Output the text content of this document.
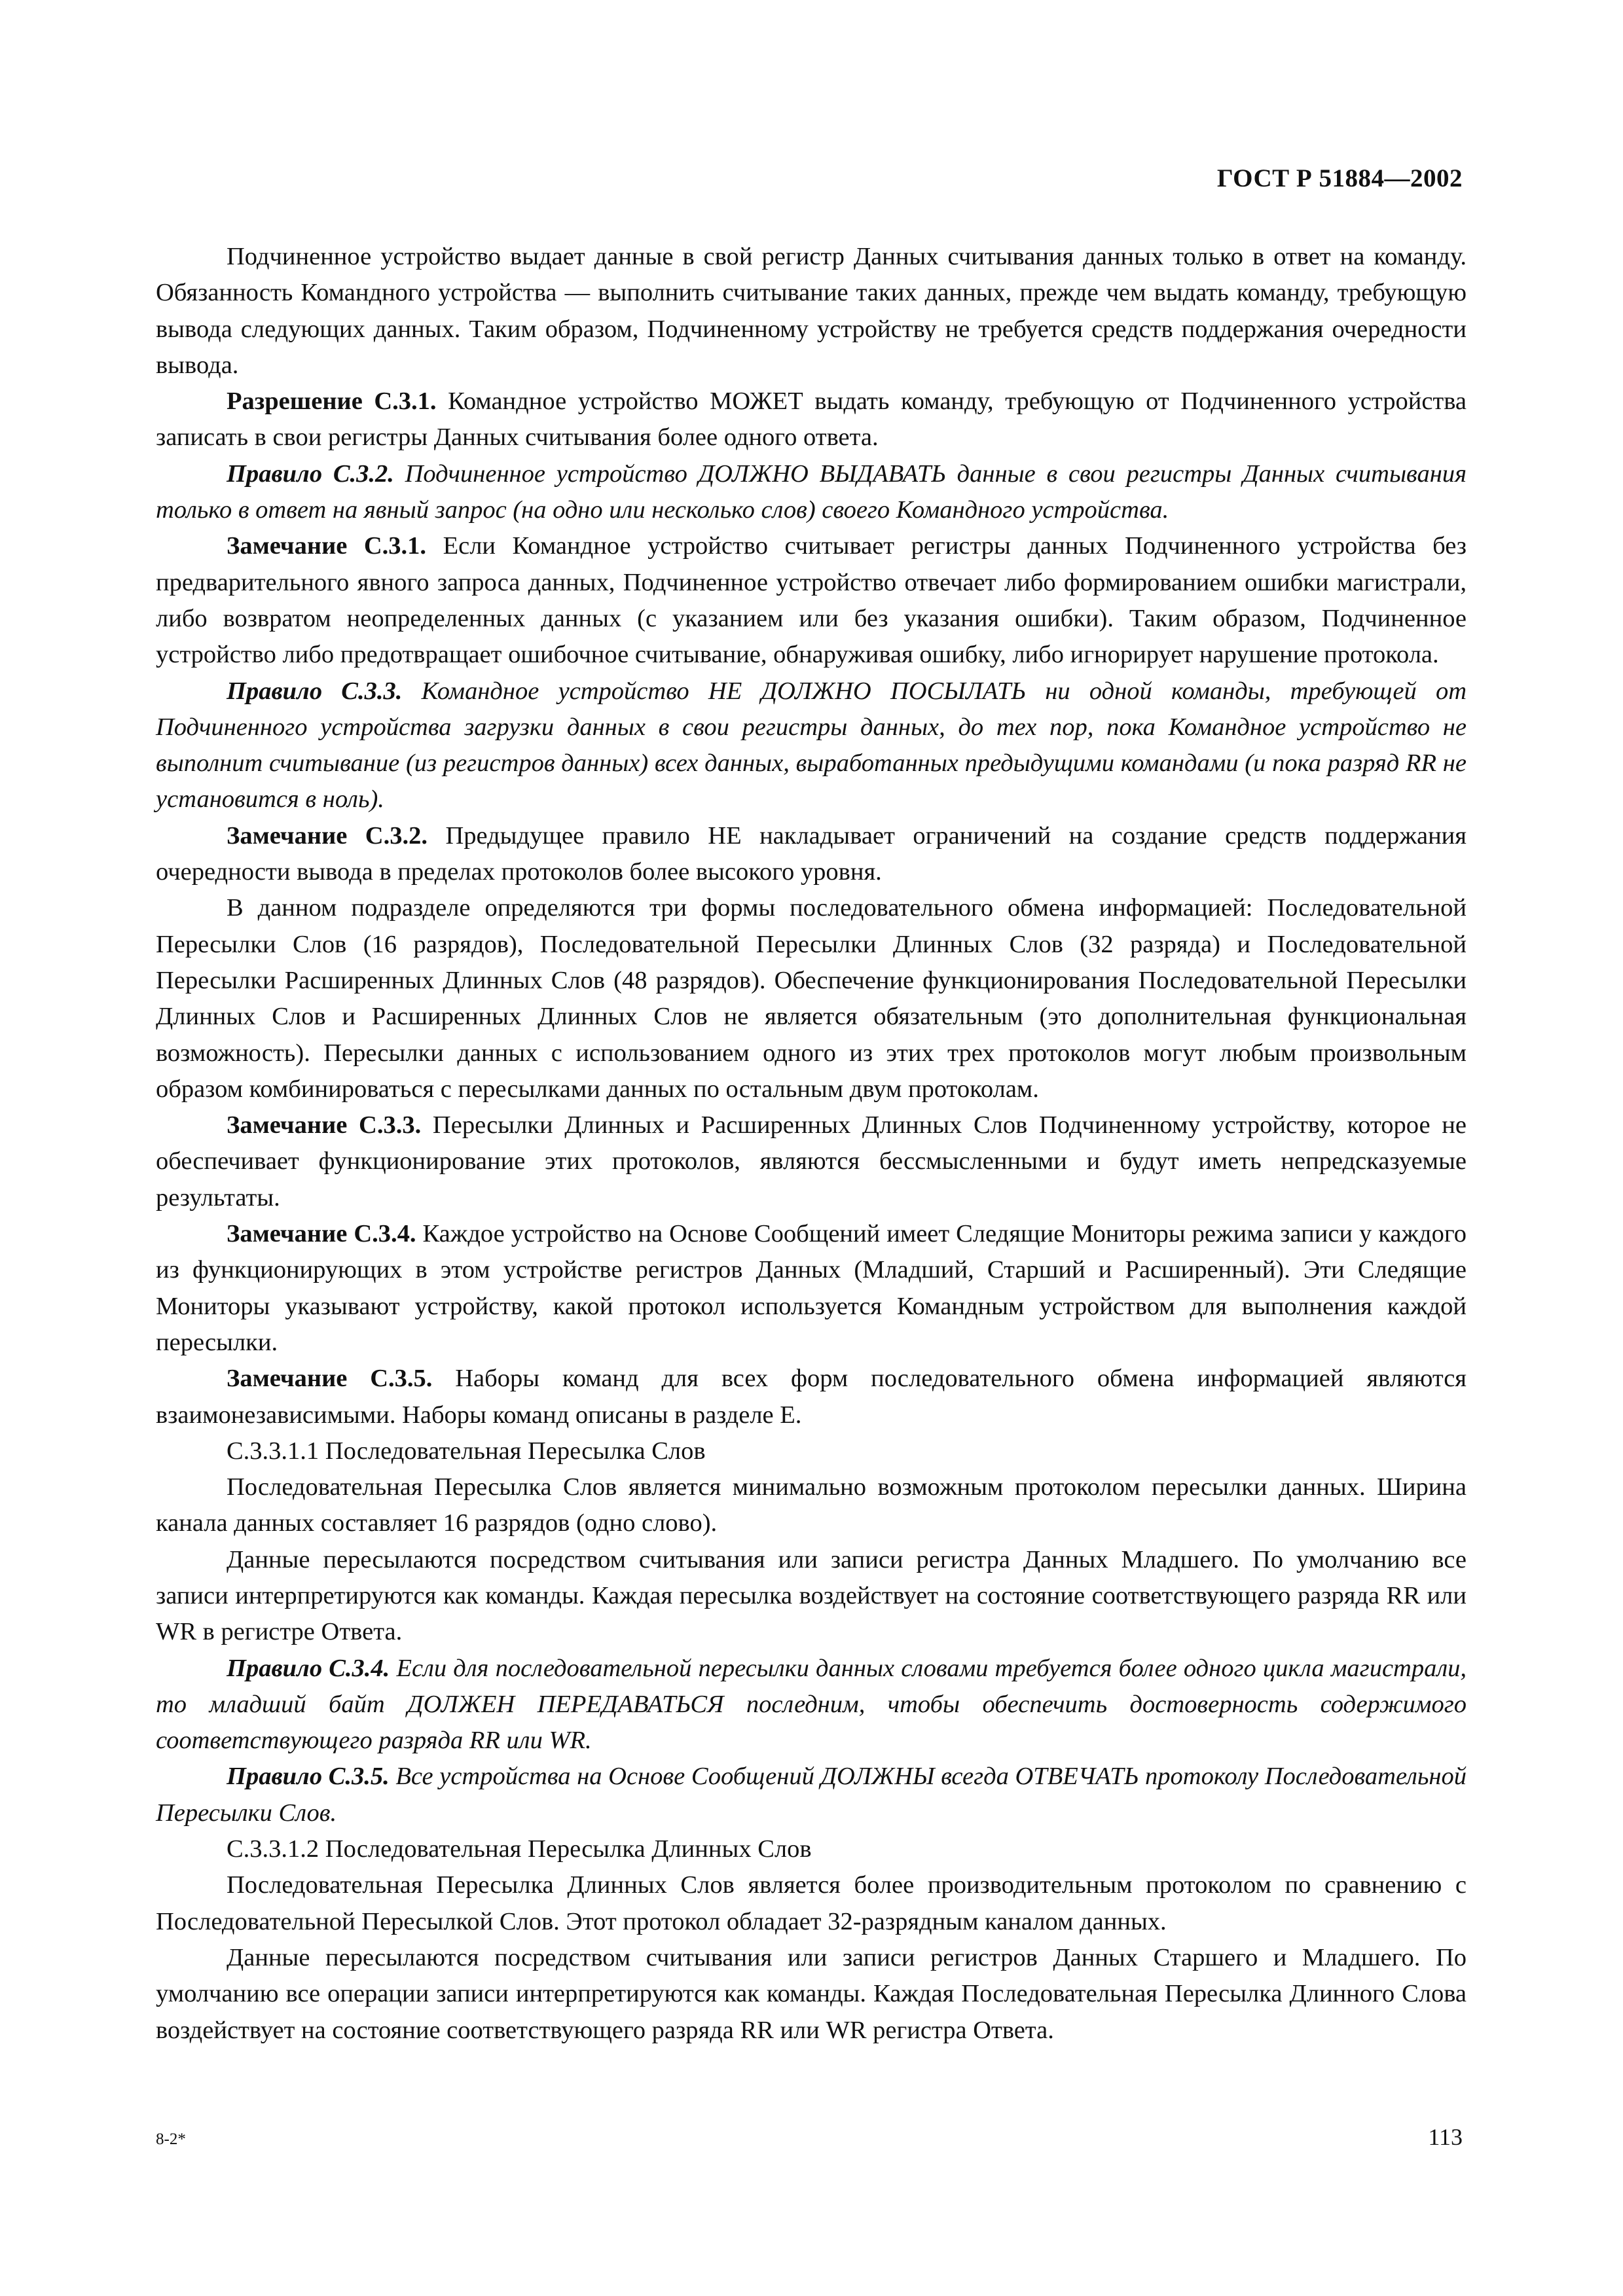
ГОСТ Р 51884—2002

Подчиненное устройство выдает данные в свой регистр Данных считывания данных только в ответ на команду. Обязанность Командного устройства — выполнить считывание таких данных, прежде чем выдать команду, требующую вывода следующих данных. Таким образом, Подчиненному устройству не требуется средств поддержания очередности вывода.

Разрешение С.3.1. Командное устройство МОЖЕТ выдать команду, требующую от Подчиненного устройства записать в свои регистры Данных считывания более одного ответа.

Правило С.3.2. Подчиненное устройство ДОЛЖНО ВЫДАВАТЬ данные в свои регистры Данных считывания только в ответ на явный запрос (на одно или несколько слов) своего Командного устройства.

Замечание С.3.1. Если Командное устройство считывает регистры данных Подчиненного устройства без предварительного явного запроса данных, Подчиненное устройство отвечает либо формированием ошибки магистрали, либо возвратом неопределенных данных (с указанием или без указания ошибки). Таким образом, Подчиненное устройство либо предотвращает ошибочное считывание, обнаруживая ошибку, либо игнорирует нарушение протокола.

Правило С.3.3. Командное устройство НЕ ДОЛЖНО ПОСЫЛАТЬ ни одной команды, требующей от Подчиненного устройства загрузки данных в свои регистры данных, до тех пор, пока Командное устройство не выполнит считывание (из регистров данных) всех данных, выработанных предыдущими командами (и пока разряд RR не установится в ноль).

Замечание С.3.2. Предыдущее правило НЕ накладывает ограничений на создание средств поддержания очередности вывода в пределах протоколов более высокого уровня.

В данном подразделе определяются три формы последовательного обмена информацией: Последовательной Пересылки Слов (16 разрядов), Последовательной Пересылки Длинных Слов (32 разряда) и Последовательной Пересылки Расширенных Длинных Слов (48 разрядов). Обеспечение функционирования Последовательной Пересылки Длинных Слов и Расширенных Длинных Слов не является обязательным (это дополнительная функциональная возможность). Пересылки данных с использованием одного из этих трех протоколов могут любым произвольным образом комбинироваться с пересылками данных по остальным двум протоколам.

Замечание С.3.3. Пересылки Длинных и Расширенных Длинных Слов Подчиненному устройству, которое не обеспечивает функционирование этих протоколов, являются бессмысленными и будут иметь непредсказуемые результаты.

Замечание С.3.4. Каждое устройство на Основе Сообщений имеет Следящие Мониторы режима записи у каждого из функционирующих в этом устройстве регистров Данных (Младший, Старший и Расширенный). Эти Следящие Мониторы указывают устройству, какой протокол используется Командным устройством для выполнения каждой пересылки.

Замечание С.3.5. Наборы команд для всех форм последовательного обмена информацией являются взаимонезависимыми. Наборы команд описаны в разделе Е.

С.3.3.1.1 Последовательная Пересылка Слов

Последовательная Пересылка Слов является минимально возможным протоколом пересылки данных. Ширина канала данных составляет 16 разрядов (одно слово).

Данные пересылаются посредством считывания или записи регистра Данных Младшего. По умолчанию все записи интерпретируются как команды. Каждая пересылка воздействует на состояние соответствующего разряда RR или WR в регистре Ответа.

Правило С.3.4. Если для последовательной пересылки данных словами требуется более одного цикла магистрали, то младший байт ДОЛЖЕН ПЕРЕДАВАТЬСЯ последним, чтобы обеспечить достоверность содержимого соответствующего разряда RR или WR.

Правило С.3.5. Все устройства на Основе Сообщений ДОЛЖНЫ всегда ОТВЕЧАТЬ протоколу Последовательной Пересылки Слов.

С.3.3.1.2 Последовательная Пересылка Длинных Слов

Последовательная Пересылка Длинных Слов является более производительным протоколом по сравнению с Последовательной Пересылкой Слов. Этот протокол обладает 32-разрядным каналом данных.

Данные пересылаются посредством считывания или записи регистров Данных Старшего и Младшего. По умолчанию все операции записи интерпретируются как команды. Каждая Последовательная Пересылка Длинного Слова воздействует на состояние соответствующего разряда RR или WR регистра Ответа.

8-2*	113
